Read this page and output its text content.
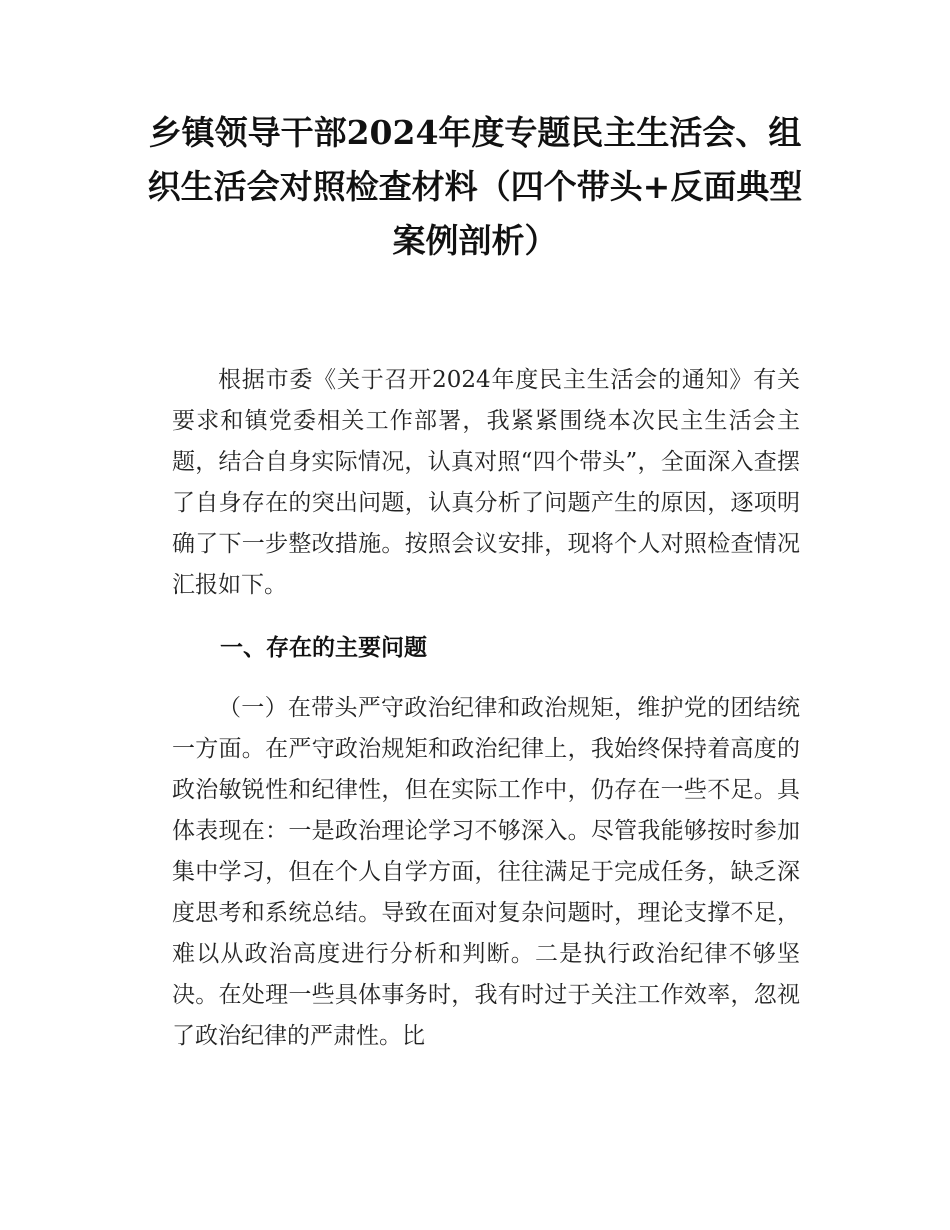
乡镇领导干部2024年度专题民主生活会、组织生活会对照检查材料（四个带头+反面典型案例剖析）

根据市委《关于召开2024年度民主生活会的通知》有关要求和镇党委相关工作部署，我紧紧围绕本次民主生活会主题，结合自身实际情况，认真对照“四个带头”，全面深入查摆了自身存在的突出问题，认真分析了问题产生的原因，逐项明确了下一步整改措施。按照会议安排，现将个人对照检查情况汇报如下。

一、存在的主要问题

（一）在带头严守政治纪律和政治规矩，维护党的团结统一方面。在严守政治规矩和政治纪律上，我始终保持着高度的政治敏锐性和纪律性，但在实际工作中，仍存在一些不足。具体表现在：一是政治理论学习不够深入。尽管我能够按时参加集中学习，但在个人自学方面，往往满足于完成任务，缺乏深度思考和系统总结。导致在面对复杂问题时，理论支撑不足，难以从政治高度进行分析和判断。二是执行政治纪律不够坚决。在处理一些具体事务时，我有时过于关注工作效率，忽视了政治纪律的严肃性。比
